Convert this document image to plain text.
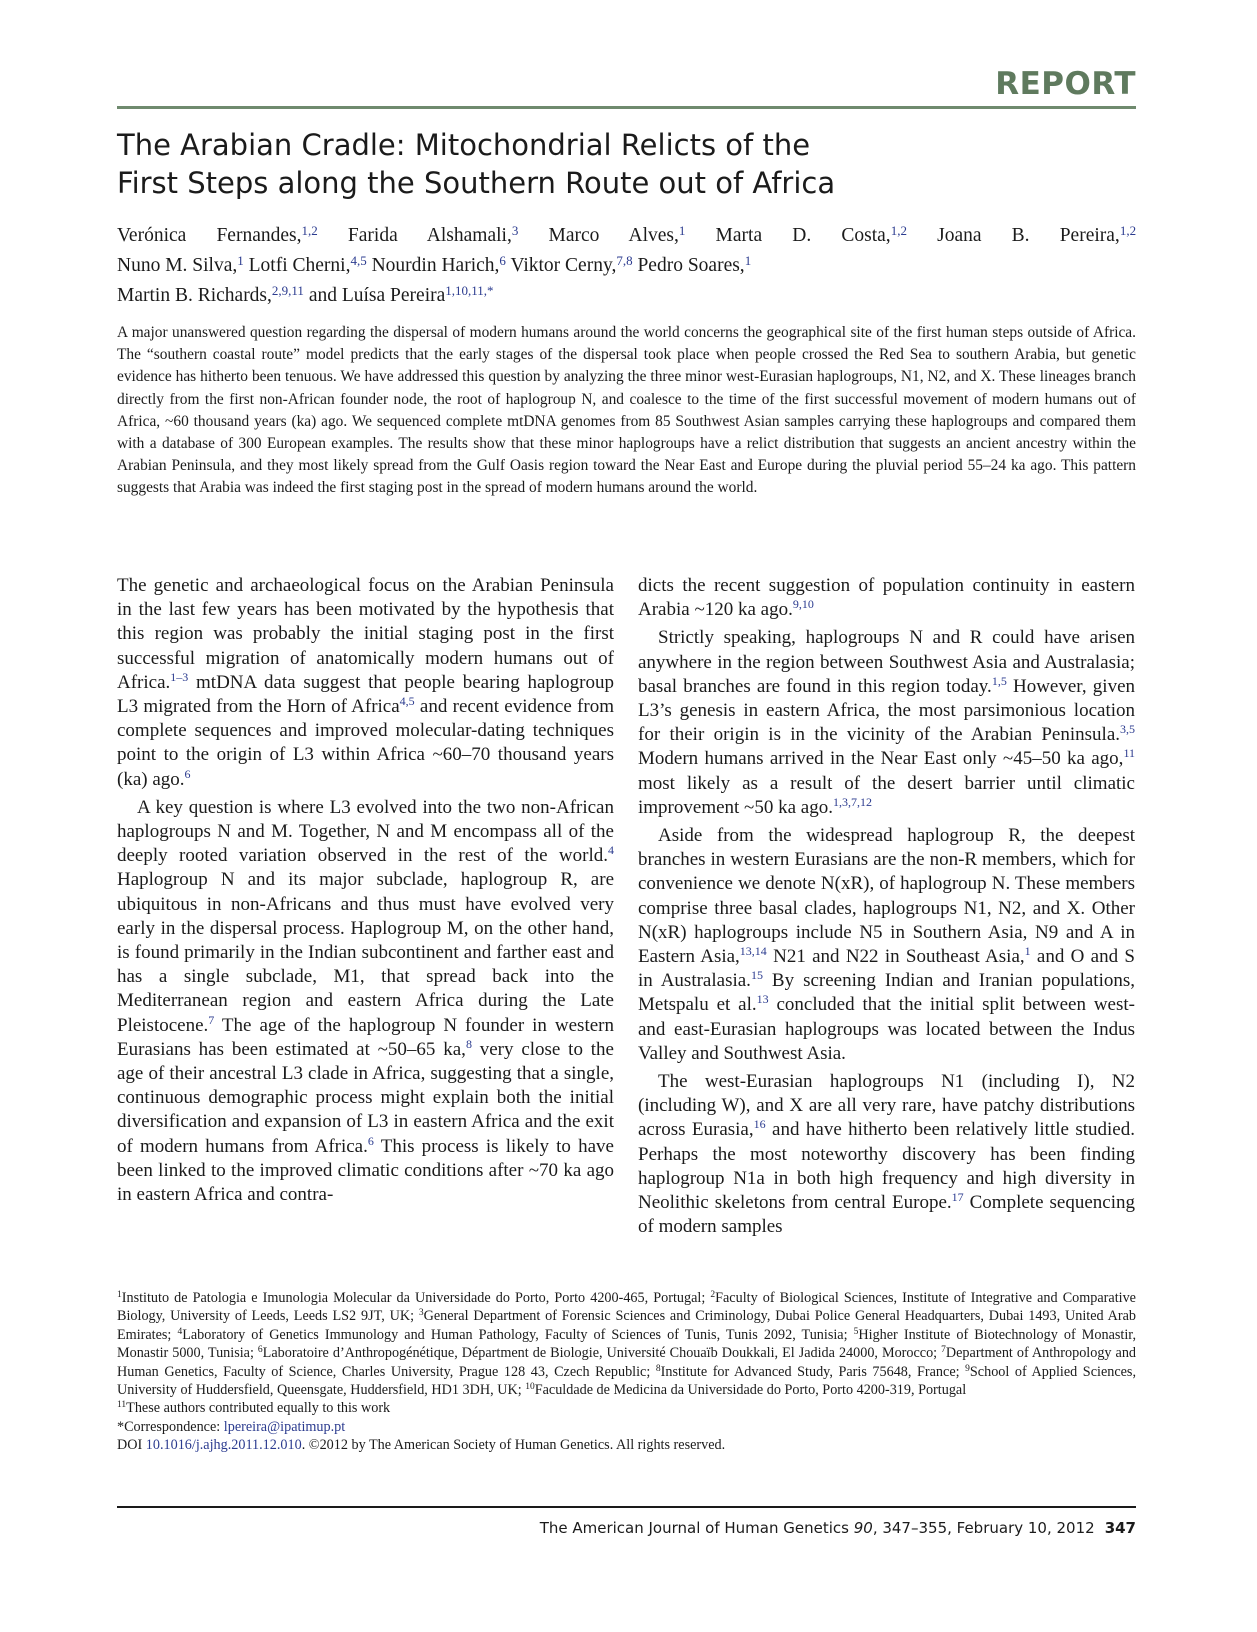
REPORT
The Arabian Cradle: Mitochondrial Relicts of the
First Steps along the Southern Route out of Africa
Verónica Fernandes,$^{1,2}$ Farida Alshamali,$^3$ Marco Alves,$^1$ Marta D. Costa,$^{1,2}$ Joana B. Pereira,$^{1,2}$
Nuno M. Silva,$^1$ Lotfi Cherni,$^{4,5}$ Nourdin Harich,$^6$ Viktor Cerny,$^{7,8}$ Pedro Soares,$^1$
Martin B. Richards,$^{2,9,11}$ and Luísa Pereira$^{1,10,11,*}$
A major unanswered question regarding the dispersal of modern humans around the world concerns the geographical site of the first human steps outside of Africa. The “southern coastal route” model predicts that the early stages of the dispersal took place when people crossed the Red Sea to southern Arabia, but genetic evidence has hitherto been tenuous. We have addressed this question by analyzing the three minor west-Eurasian haplogroups, N1, N2, and X. These lineages branch directly from the first non-African founder node, the root of haplogroup N, and coalesce to the time of the first successful movement of modern humans out of Africa, ~60 thousand years (ka) ago. We sequenced complete mtDNA genomes from 85 Southwest Asian samples carrying these haplogroups and compared them with a database of 300 European examples. The results show that these minor haplogroups have a relict distribution that suggests an ancient ancestry within the Arabian Peninsula, and they most likely spread from the Gulf Oasis region toward the Near East and Europe during the pluvial period 55–24 ka ago. This pattern suggests that Arabia was indeed the first staging post in the spread of modern humans around the world.

The genetic and archaeological focus on the Arabian Peninsula in the last few years has been motivated by the hypothesis that this region was probably the initial staging post in the first successful migration of anatomically modern humans out of Africa.$^{1-3}$ mtDNA data suggest that people bearing haplogroup L3 migrated from the Horn of Africa$^{4,5}$ and recent evidence from complete sequences and improved molecular-dating techniques point to the origin of L3 within Africa ~60–70 thousand years (ka) ago.$^6$

A key question is where L3 evolved into the two non-African haplogroups N and M. Together, N and M encompass all of the deeply rooted variation observed in the rest of the world.$^4$ Haplogroup N and its major subclade, haplogroup R, are ubiquitous in non-Africans and thus must have evolved very early in the dispersal process. Haplogroup M, on the other hand, is found primarily in the Indian subcontinent and farther east and has a single subclade, M1, that spread back into the Mediterranean region and eastern Africa during the Late Pleistocene.$^7$ The age of the haplogroup N founder in western Eurasians has been estimated at ~50–65 ka,$^8$ very close to the age of their ancestral L3 clade in Africa, suggesting that a single, continuous demographic process might explain both the initial diversification and expansion of L3 in eastern Africa and the exit of modern humans from Africa.$^6$ This process is likely to have been linked to the improved climatic conditions after ~70 ka ago in eastern Africa and contra-

dicts the recent suggestion of population continuity in eastern Arabia ~120 ka ago.$^{9,10}$

Strictly speaking, haplogroups N and R could have arisen anywhere in the region between Southwest Asia and Australasia; basal branches are found in this region today.$^{1,5}$ However, given L3’s genesis in eastern Africa, the most parsimonious location for their origin is in the vicinity of the Arabian Peninsula.$^{3,5}$ Modern humans arrived in the Near East only ~45–50 ka ago,$^{11}$ most likely as a result of the desert barrier until climatic improvement ~50 ka ago.$^{1,3,7,12}$

Aside from the widespread haplogroup R, the deepest branches in western Eurasians are the non-R members, which for convenience we denote N(xR), of haplogroup N. These members comprise three basal clades, haplogroups N1, N2, and X. Other N(xR) haplogroups include N5 in Southern Asia, N9 and A in Eastern Asia,$^{13,14}$ N21 and N22 in Southeast Asia,$^1$ and O and S in Australasia.$^{15}$ By screening Indian and Iranian populations, Metspalu et al.$^{13}$ concluded that the initial split between west- and east-Eurasian haplogroups was located between the Indus Valley and Southwest Asia.

The west-Eurasian haplogroups N1 (including I), N2 (including W), and X are all very rare, have patchy distributions across Eurasia,$^{16}$ and have hitherto been relatively little studied. Perhaps the most noteworthy discovery has been finding haplogroup N1a in both high frequency and high diversity in Neolithic skeletons from central Europe.$^{17}$ Complete sequencing of modern samples

$^1$Instituto de Patologia e Imunologia Molecular da Universidade do Porto, Porto 4200-465, Portugal; $^2$Faculty of Biological Sciences, Institute of Integrative and Comparative Biology, University of Leeds, Leeds LS2 9JT, UK; $^3$General Department of Forensic Sciences and Criminology, Dubai Police General Headquarters, Dubai 1493, United Arab Emirates; $^4$Laboratory of Genetics Immunology and Human Pathology, Faculty of Sciences of Tunis, Tunis 2092, Tunisia; $^5$Higher Institute of Biotechnology of Monastir, Monastir 5000, Tunisia; $^6$Laboratoire d’Anthropogénétique, Départment de Biologie, Université Chouaïb Doukkali, El Jadida 24000, Morocco; $^7$Department of Anthropology and Human Genetics, Faculty of Science, Charles University, Prague 128 43, Czech Republic; $^8$Institute for Advanced Study, Paris 75648, France; $^9$School of Applied Sciences, University of Huddersfield, Queensgate, Huddersfield, HD1 3DH, UK; $^{10}$Faculdade de Medicina da Universidade do Porto, Porto 4200-319, Portugal

$^{11}$These authors contributed equally to this work

*Correspondence: lpereira@ipatimup.pt

DOI 10.1016/j.ajhg.2011.12.010. ©2012 by The American Society of Human Genetics. All rights reserved.

The American Journal of Human Genetics 90, 347–355, February 10, 2012 347
